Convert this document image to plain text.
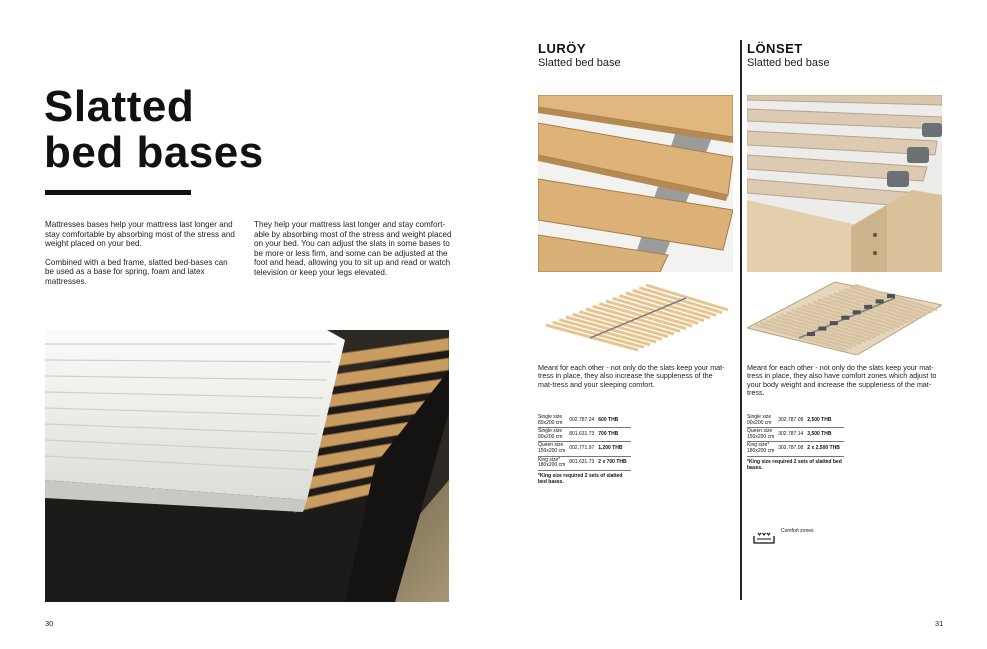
Slatted
bed bases

Mattresses bases help your mattress last longer and stay comfortable by absorbing most of the stress and weight placed on your bed.

Combined with a bed frame, slatted bed-bases can be used as a base for spring, foam and latex mattresses.

They help your mattress last longer and stay comfort-able by absorbing most of the stress and weight placed on your bed. You can adjust the slats in some bases to be more or less firm, and some can be adjusted at the foot and head, allowing you to sit up and read or watch television or keep your legs elevated.

30
LURÖY
Slatted bed base
Meant for each other - not only do the slats keep your mat-tress in place, they also increase the suppleness of the mat-tress and your sleeping comfort.
Single size
80x200 cm	002.787.24	600 THB

Single size
90x200 cm	801.631.73	700 THB

Queen size
150x200 cm	002.771.97	1,200 THB

King size*
180x200 cm	801.631.73	2 x 700 THB
*King size required 2 sets of slatted bed bases.
LÖNSET
Slatted bed base
Meant for each other - not only do the slats keep your mat-tress in place, they also have comfort zones which adjust to your body weight and increase the suppleness of the mat-tress.
Single size
90x200 cm	302.787.08	2,500 THB

Queen size
150x200 cm	302.787.14	3,500 THB

King size*
180x200 cm	302.787.08	2 x 2,500 THB
*King size required 2 sets of slatted bed bases.
Comfort zones
31
